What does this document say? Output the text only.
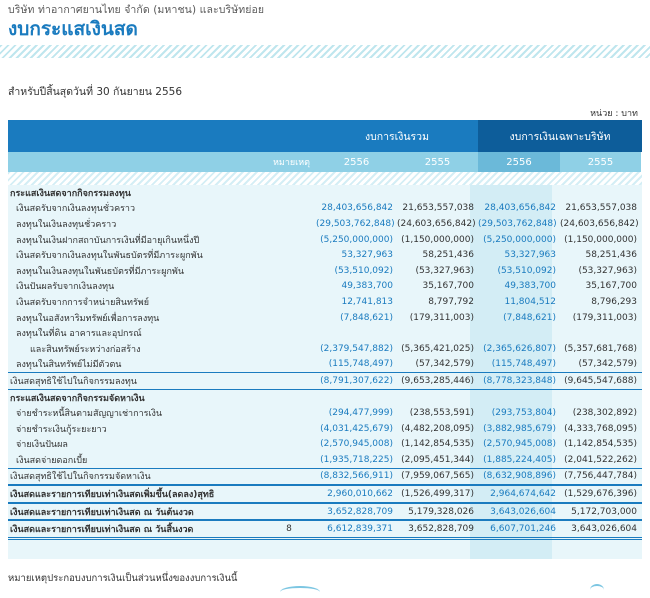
บริษัท ท่าอากาศยานไทย จำกัด (มหาชน) และบริษัทย่อย
งบกระแสเงินสด
สำหรับปีสิ้นสุดวันที่ 30 กันยายน 2556
หน่วย : บาท
งบการเงินรวม	งบการเงินเฉพาะบริษัท
หมายเหตุ	2556	2555	2556	2555
กระแสเงินสดจากกิจกรรมลงทุน
เงินสดรับจากเงินลงทุนชั่วคราว	28,403,656,842	21,653,557,038	28,403,656,842	21,653,557,038
ลงทุนในเงินลงทุนชั่วคราว	(29,503,762,848) (24,603,656,842) (29,503,762,848) (24,603,656,842)
ลงทุนในเงินฝากสถาบันการเงินที่มีอายุเกินหนึ่งปี	(5,250,000,000) (1,150,000,000)	(5,250,000,000) (1,150,000,000)
เงินสดรับจากเงินลงทุนในพันธบัตรที่มีภาระผูกพัน	53,327,963	58,251,436	53,327,963	58,251,436
ลงทุนในเงินลงทุนในพันธบัตรที่มีภาระผูกพัน	(53,510,092)	(53,327,963)	(53,510,092)	(53,327,963)
เงินปันผลรับจากเงินลงทุน	49,383,700	35,167,700	49,383,700	35,167,700
เงินสดรับจากการจำหน่ายสินทรัพย์	12,741,813	8,797,792	11,804,512	8,796,293
ลงทุนในอสังหาริมทรัพย์เพื่อการลงทุน	(7,848,621)	(179,311,003)	(7,848,621)	(179,311,003)
ลงทุนในที่ดิน อาคารและอุปกรณ์
และสินทรัพย์ระหว่างก่อสร้าง	(2,379,547,882) (5,365,421,025)	(2,365,626,807) (5,357,681,768)
ลงทุนในสินทรัพย์ไม่มีตัวตน	(115,748,497)	(57,342,579)	(115,748,497)	(57,342,579)
เงินสดสุทธิใช้ไปในกิจกรรมลงทุน	(8,791,307,622) (9,653,285,446)	(8,778,323,848) (9,645,547,688)
กระแสเงินสดจากกิจกรรมจัดหาเงิน
จ่ายชำระหนี้สินตามสัญญาเช่าการเงิน	(294,477,999)	(238,553,591)	(293,753,804)	(238,302,892)
จ่ายชำระเงินกู้ระยะยาว	(4,031,425,679) (4,482,208,095)	(3,882,985,679) (4,333,768,095)
จ่ายเงินปันผล	(2,570,945,008) (1,142,854,535)	(2,570,945,008) (1,142,854,535)
เงินสดจ่ายดอกเบี้ย	(1,935,718,225) (2,095,451,344)	(1,885,224,405) (2,041,522,262)
เงินสดสุทธิใช้ไปในกิจกรรมจัดหาเงิน	(8,832,566,911) (7,959,067,565)	(8,632,908,896) (7,756,447,784)
เงินสดและรายการเทียบเท่าเงินสดเพิ่มขึ้น(ลดลง)สุทธิ	2,960,010,662 (1,526,499,317)	2,964,674,642 (1,529,676,396)
เงินสดและรายการเทียบเท่าเงินสด ณ วันต้นงวด	3,652,828,709	5,179,328,026	3,643,026,604	5,172,703,000
เงินสดและรายการเทียบเท่าเงินสด ณ วันสิ้นงวด	8	6,612,839,371	3,652,828,709	6,607,701,246	3,643,026,604
หมายเหตุประกอบงบการเงินเป็นส่วนหนึ่งของงบการเงินนี้
